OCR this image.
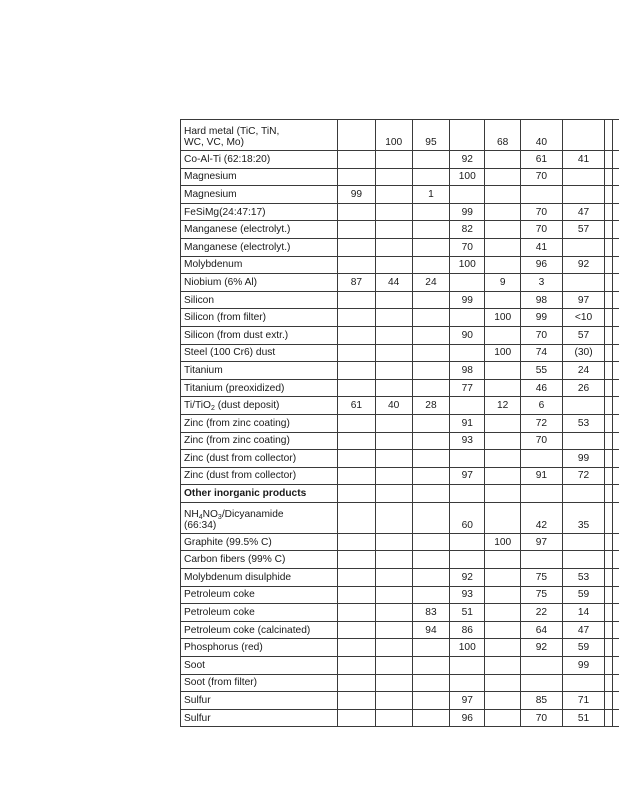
Hard metal (TiC, TiN,
WC, VC, Mo)		100	95		68	40			

Co-Al-Ti (62:18:20)				92		61	41		

Magnesium				100		70			

Magnesium	99		1						

FeSiMg(24:47:17)				99		70	47		

Manganese (electrolyt.)				82		70	57		

Manganese (electrolyt.)				70		41			

Molybdenum				100		96	92		

Niobium (6% Al)	87	44	24		9	3			

Silicon				99		98	97		

Silicon (from filter)					100	99	<10		

Silicon (from dust extr.)				90		70	57		

Steel (100 Cr6) dust					100	74	(30)		

Titanium				98		55	24		

Titanium (preoxidized)				77		46	26		

Ti/TiO$_2$ (dust deposit)	61	40	28		12	6			

Zinc (from zinc coating)				91		72	53		

Zinc (from zinc coating)				93		70			

Zinc (dust from collector)							99		

Zinc (dust from collector)				97		91	72		

Other inorganic products									

$NH_4NO_3$/Dicyanamide
(66:34)				60		42	35		

Graphite (99.5% C)					100	97			

Carbon fibers (99% C)									

Molybdenum disulphide				92		75	53		

Petroleum coke				93		75	59		

Petroleum coke			83	51		22	14		

Petroleum coke (calcinated)			94	86		64	47		

Phosphorus (red)				100		92	59		

Soot							99		

Soot (from filter)									

Sulfur				97		85	71		

Sulfur				96		70	51		
